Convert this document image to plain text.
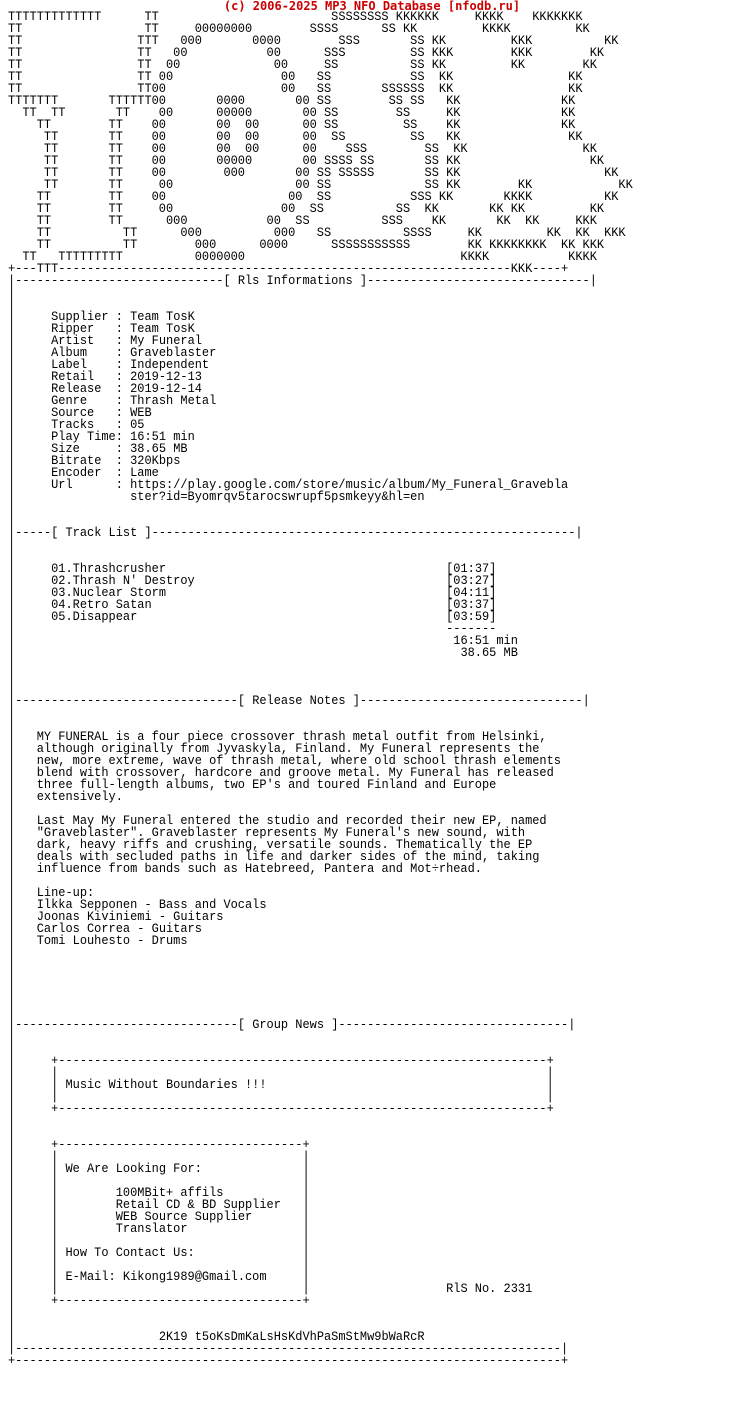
(c) 2006-2025 MP3 NFO Database [nfodb.ru]
TTTTTTTTTTTTT      TT                        SSSSSSSS KKKKKK     KKKK    KKKKKKK
TT                 TT     00000000        SSSS      SS KK         KKKK         KK
TT                TTT   000       0000        SSS       SS KK         KKK          KK
TT                TT   00           00      SSS         SS KKK        KKK        KK
TT                TT  00             00     SS          SS KK         KK        KK
TT                TT 00               00   SS           SS  KK                KK
TT                TT00                00   SS       SSSSSS  KK                KK
TTTTTTT       TTTTTT00       0000       00 SS        SS SS   KK              KK
TT  TT       TT    00      00000       00 SS        SS     KK              KK
TT        TT    00       00  00      00 SS         SS    KK              KK
TT       TT    00       00  00      00  SS         SS   KK               KK
TT       TT    00       00  00      00    SSS        SS  KK                KK
TT       TT    00       00000       00 SSSS SS       SS KK                  KK
TT       TT    00        000       00 SS SSSSS       SS KK                    KK
TT       TT     00                 00 SS             SS KK        KK            KK
TT        TT    00                 00  SS           SSS KK       KKKK          KK
TT        TT     00               00  SS          SS  KK       KK KK         KK
TT        TT      000           00  SS          SSS    KK       KK  KK     KKK
TT          TT      000          000   SS          SSSS     KK         KK  KK  KKK
TT          TT        000      0000      SSSSSSSSSSS        KK KKKKKKKK  KK KKK
TT   TTTTTTTTT          0000000                              KKKK           KKKK
+---TTT---------------------------------------------------------------KKK----+
|-----------------------------[ Rls Informations ]-------------------------------|
|
|
|     Supplier : Team TosK
|     Ripper   : Team TosK
|     Artist   : My Funeral
|     Album    : Graveblaster
|     Label    : Independent
|     Retail   : 2019-12-13
|     Release  : 2019-12-14
|     Genre    : Thrash Metal
|     Source   : WEB
|     Tracks   : 05
|     Play Time: 16:51 min
|     Size     : 38.65 MB
|     Bitrate  : 320Kbps
|     Encoder  : Lame
|     Url      : https://play.google.com/store/music/album/My_Funeral_Graveblа
|                ster?id=Byomrqv5tarocswrupf5psmkeyy&hl=en
|
|
|-----[ Track List ]-----------------------------------------------------------|
|
|
|     01.Thrashcrusher                                       [01:37]
|     02.Thrash N' Destroy                                   [03:27]
|     03.Nuclear Storm                                       [04:11]
|     04.Retro Satan                                         [03:37]
|     05.Disappear                                           [03:59]
|                                                            -------
|                                                             16:51 min
|                                                              38.65 MB
|
|
|
|-------------------------------[ Release Notes ]-------------------------------|
|
|
|   MY FUNERAL is a four piece crossover thrash metal outfit from Helsinki,
|   although originally from Jyvaskyla, Finland. My Funeral represents the
|   new, more extreme, wave of thrash metal, where old school thrash elements
|   blend with crossover, hardcore and groove metal. My Funeral has released
|   three full-length albums, two EP's and toured Finland and Europe
|   extensively.
|
|   Last May My Funeral entered the studio and recorded their new EP, named
|   "Graveblaster". Graveblaster represents My Funeral's new sound, with
|   dark, heavy riffs and crushing, versatile sounds. Thematically the EP
|   deals with secluded paths in life and darker sides of the mind, taking
|   influence from bands such as Hatebreed, Pantera and Mot÷rhead.
|
|   Line-up:
|   Ilkka Sepponen - Bass and Vocals
|   Joonas Kiviniemi - Guitars
|   Carlos Correa - Guitars
|   Tomi Louhesto - Drums
|
|
|
|
|
|
|-------------------------------[ Group News ]--------------------------------|
|
|
|     +--------------------------------------------------------------------+
|     |                                                                    |
|     | Music Without Boundaries !!!                                       |
|     |                                                                    |
|     +--------------------------------------------------------------------+
|
|
|     +----------------------------------+
|     |                                  |
|     | We Are Looking For:              |
|     |                                  |
|     |        100MBit+ affils           |
|     |        Retail CD & BD Supplier   |
|     |        WEB Source Supplier       |
|     |        Translator                |
|     |                                  |
|     | How To Contact Us:               |
|     |                                  |
|     | E-Mail: Kikong1989@Gmail.com     |
|     |                                  |                   RlS No. 2331
|     +----------------------------------+
|
|
|                    2K19 t5oKsDmKaLsHsKdVhPaSmStMw9bWaRcR
|----------------------------------------------------------------------------|
+----------------------------------------------------------------------------+
